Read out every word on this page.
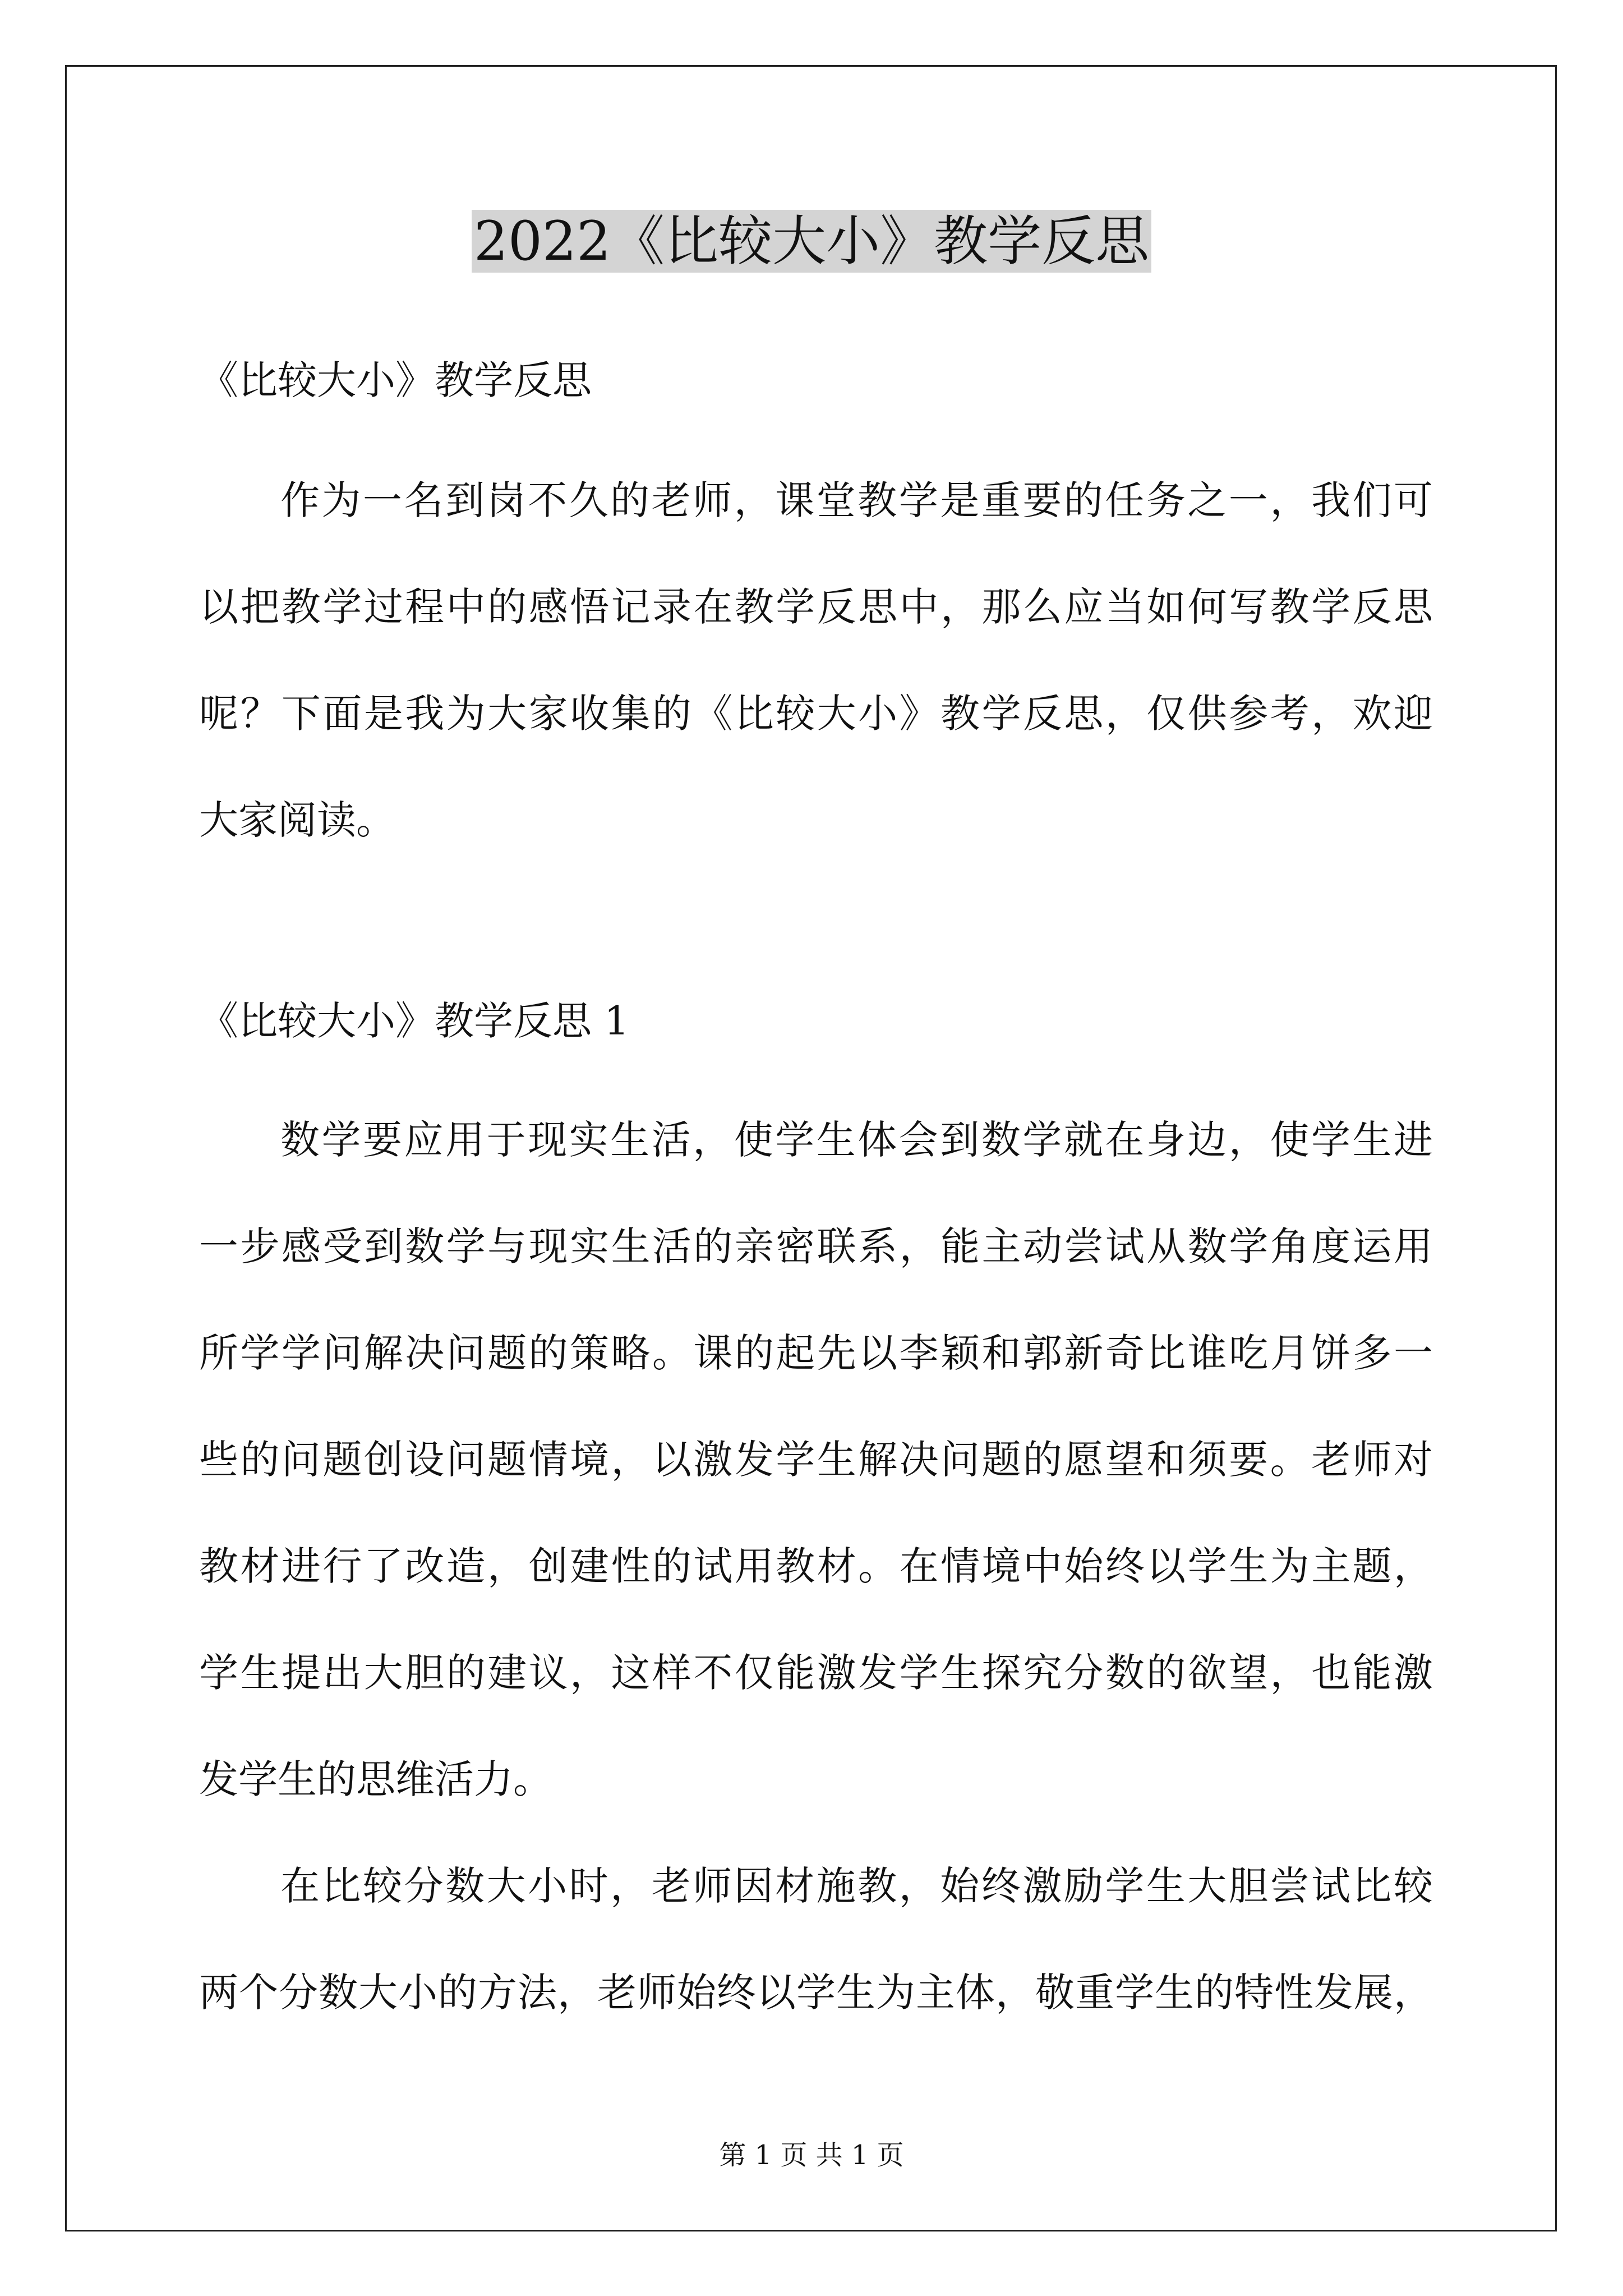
2022《比较大小》教学反思
《比较大小》教学反思
作为一名到岗不久的老师，课堂教学是重要的任务之一，我们可
以把教学过程中的感悟记录在教学反思中，那么应当如何写教学反思
呢？下面是我为大家收集的《比较大小》教学反思，仅供参考，欢迎
大家阅读。
《比较大小》教学反思 1
数学要应用于现实生活，使学生体会到数学就在身边，使学生进
一步感受到数学与现实生活的亲密联系，能主动尝试从数学角度运用
所学学问解决问题的策略。课的起先以李颖和郭新奇比谁吃月饼多一
些的问题创设问题情境，以激发学生解决问题的愿望和须要。老师对
教材进行了改造，创建性的试用教材。在情境中始终以学生为主题，
学生提出大胆的建议，这样不仅能激发学生探究分数的欲望，也能激
发学生的思维活力。
在比较分数大小时，老师因材施教，始终激励学生大胆尝试比较
两个分数大小的方法，老师始终以学生为主体，敬重学生的特性发展，
第 1 页 共 1 页
